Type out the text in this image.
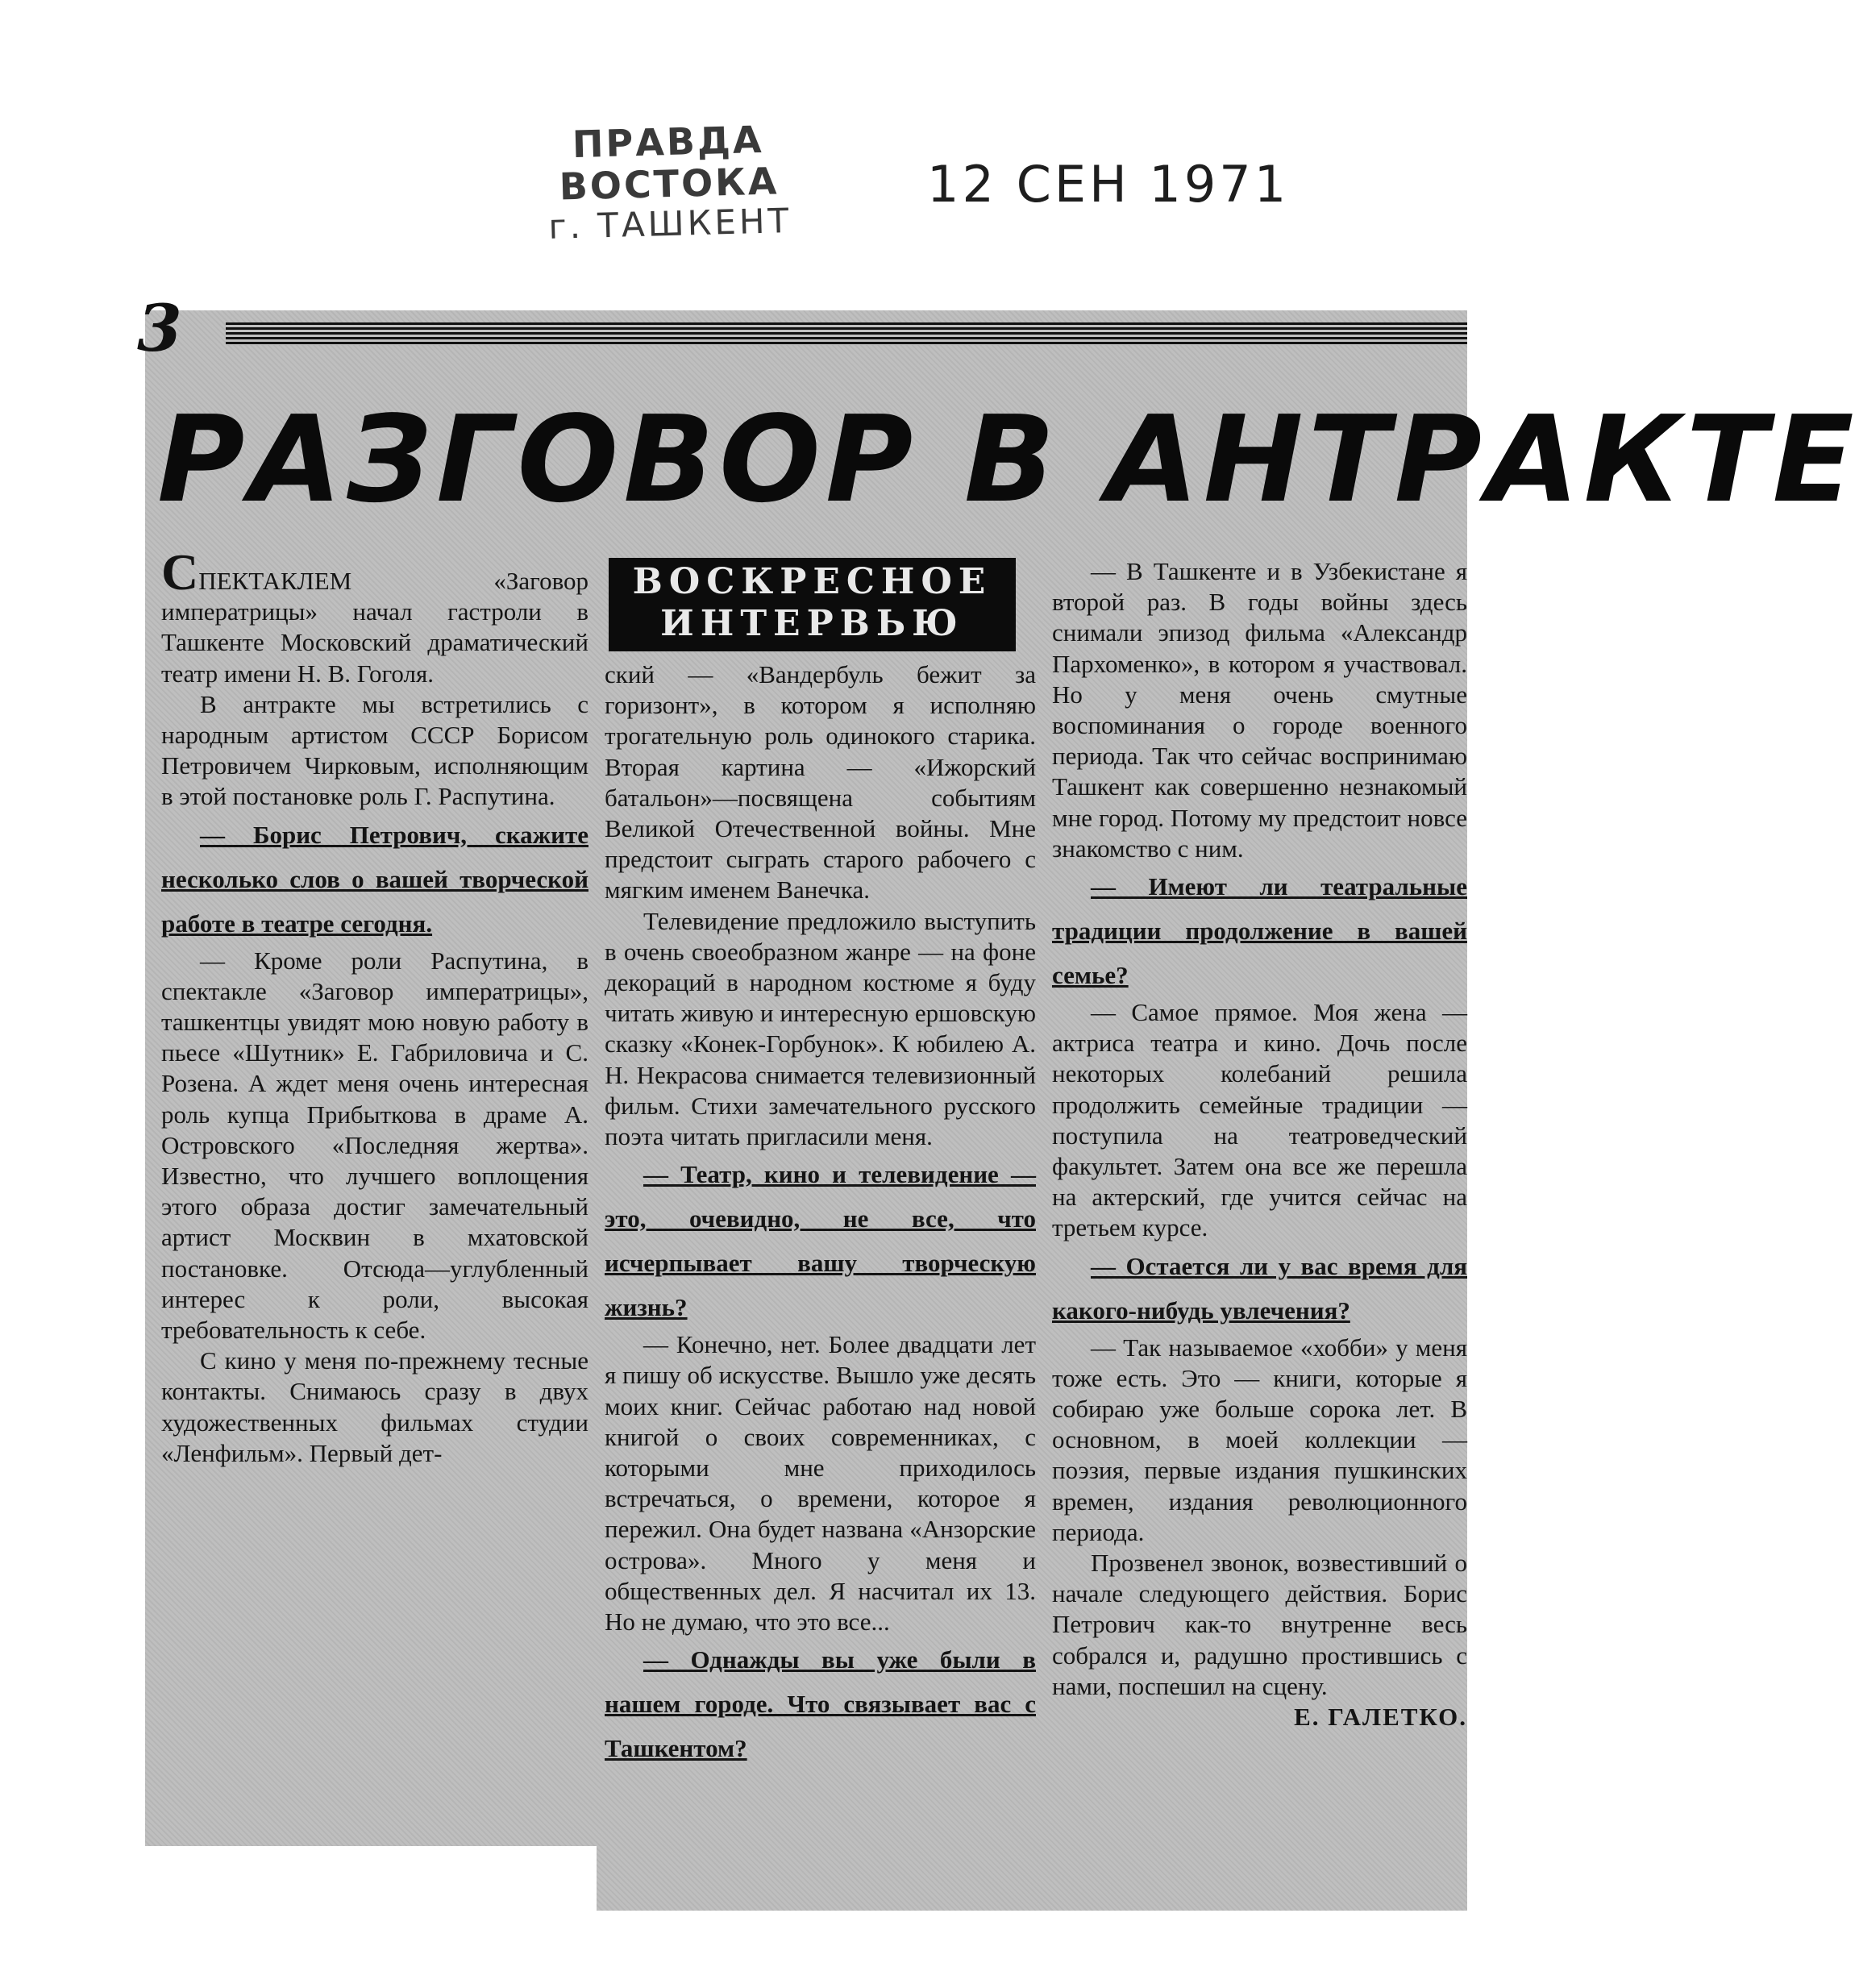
ПРАВДА ВОСТОКА
г. ТАШКЕНТ
12 СЕН 1971
3
РАЗГОВОР В АНТРАКТЕ

СПЕКТАКЛЕМ «Заговор императрицы» начал гастроли в Ташкенте Московский драматический театр имени Н. В. Гоголя.

В антракте мы встретились с народным артистом СССР Борисом Петровичем Чирковым, исполняющим в этой постановке роль Г. Распутина.

— Борис Петрович, скажите несколько слов о вашей творческой работе в театре сегодня.

— Кроме роли Распутина, в спектакле «Заговор императрицы», ташкентцы увидят мою новую работу в пьесе «Шутник» Е. Габриловича и С. Розена. А ждет меня очень интересная роль купца Прибыткова в драме А. Островского «Последняя жертва». Известно, что лучшего воплощения этого образа достиг замечательный артист Москвин в мхатовской постановке. Отсюда—углубленный интерес к роли, высокая требовательность к себе.

С кино у меня по-прежнему тесные контакты. Снимаюсь сразу в двух художественных фильмах студии «Ленфильм». Первый дет-

ВОСКРЕСНОЕ
ИНТЕРВЬЮ

ский — «Вандербуль бежит за горизонт», в котором я исполняю трогательную роль одинокого старика. Вторая картина — «Ижорский батальон»—посвящена событиям Великой Отечественной войны. Мне предстоит сыграть старого рабочего с мягким именем Ванечка.

Телевидение предложило выступить в очень своеобразном жанре — на фоне декораций в народном костюме я буду читать живую и интересную ершовскую сказку «Конек-Горбунок». К юбилею А. Н. Некрасова снимается телевизионный фильм. Стихи замечательного русского поэта читать пригласили меня.

— Театр, кино и телевидение — это, очевидно, не все, что исчерпывает вашу творческую жизнь?

— Конечно, нет. Более двадцати лет я пишу об искусстве. Вышло уже десять моих книг. Сейчас работаю над новой книгой о своих современниках, с которыми мне приходилось встречаться, о времени, которое я пережил. Она будет названа «Анзорские острова». Много у меня и общественных дел. Я насчитал их 13. Но не думаю, что это все...

— Однажды вы уже были в нашем городе. Что связывает вас с Ташкентом?

— В Ташкенте и в Узбекистане я второй раз. В годы войны здесь снимали эпизод фильма «Александр Пархоменко», в котором я участвовал. Но у меня очень смутные воспоминания о городе военного периода. Так что сейчас воспринимаю Ташкент как совершенно незнакомый мне город. Потому му предстоит новсе знакомство с ним.

— Имеют ли театральные традиции продолжение в вашей семье?

— Самое прямое. Моя жена — актриса театра и кино. Дочь после некоторых колебаний решила продолжить семейные традиции — поступила на театроведческий факультет. Затем она все же перешла на актерский, где учится сейчас на третьем курсе.

— Остается ли у вас время для какого-нибудь увлечения?

— Так называемое «хобби» у меня тоже есть. Это — книги, которые я собираю уже больше сорока лет. В основном, в моей коллекции — поэзия, первые издания пушкинских времен, издания революционного периода.

Прозвенел звонок, возвестивший о начале следующего действия. Борис Петрович как-то внутренне весь собрался и, радушно простившись с нами, поспешил на сцену.

Е. ГАЛЕТКО.
